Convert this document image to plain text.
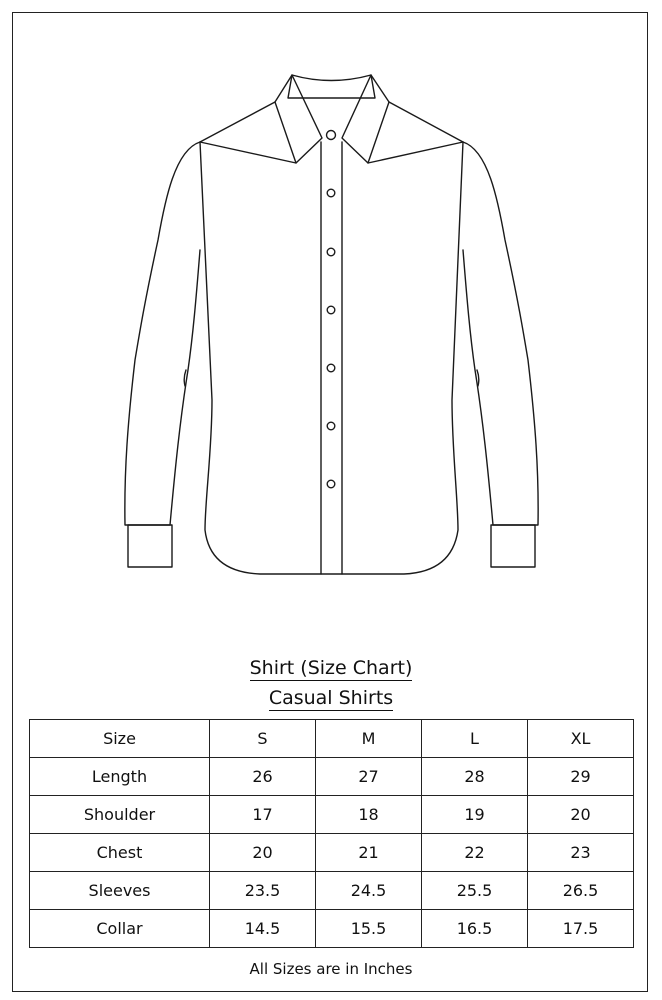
Shirt (Size Chart)
Casual Shirts
Size	S	M	L	XL
Length	26	27	28	29
Shoulder	17	18	19	20
Chest	20	21	22	23
Sleeves	23.5	24.5	25.5	26.5
Collar	14.5	15.5	16.5	17.5
All Sizes are in Inches
